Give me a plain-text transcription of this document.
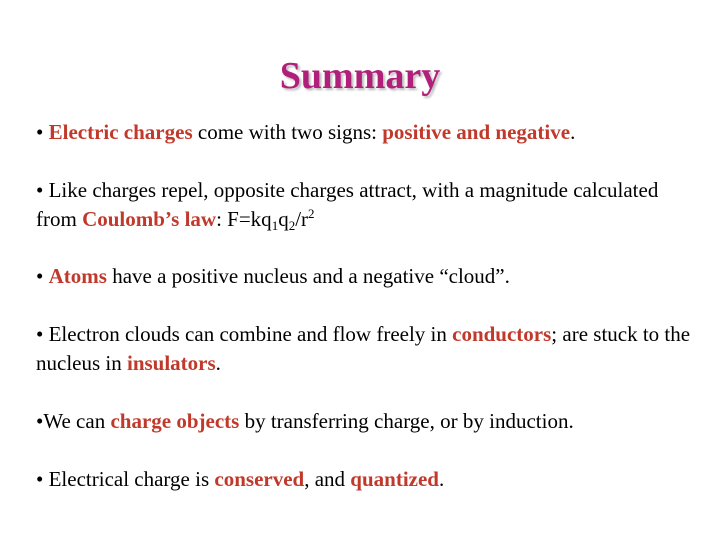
Summary
• Electric charges come with two signs: positive and negative.
• Like charges repel, opposite charges attract, with a magnitude calculated from Coulomb’s law: $F=kq_1q_2/r^2$
• Atoms have a positive nucleus and a negative “cloud”.
• Electron clouds can combine and flow freely in conductors; are stuck to the nucleus in insulators.
•We can charge objects by transferring charge, or by induction.
• Electrical charge is conserved, and quantized.
